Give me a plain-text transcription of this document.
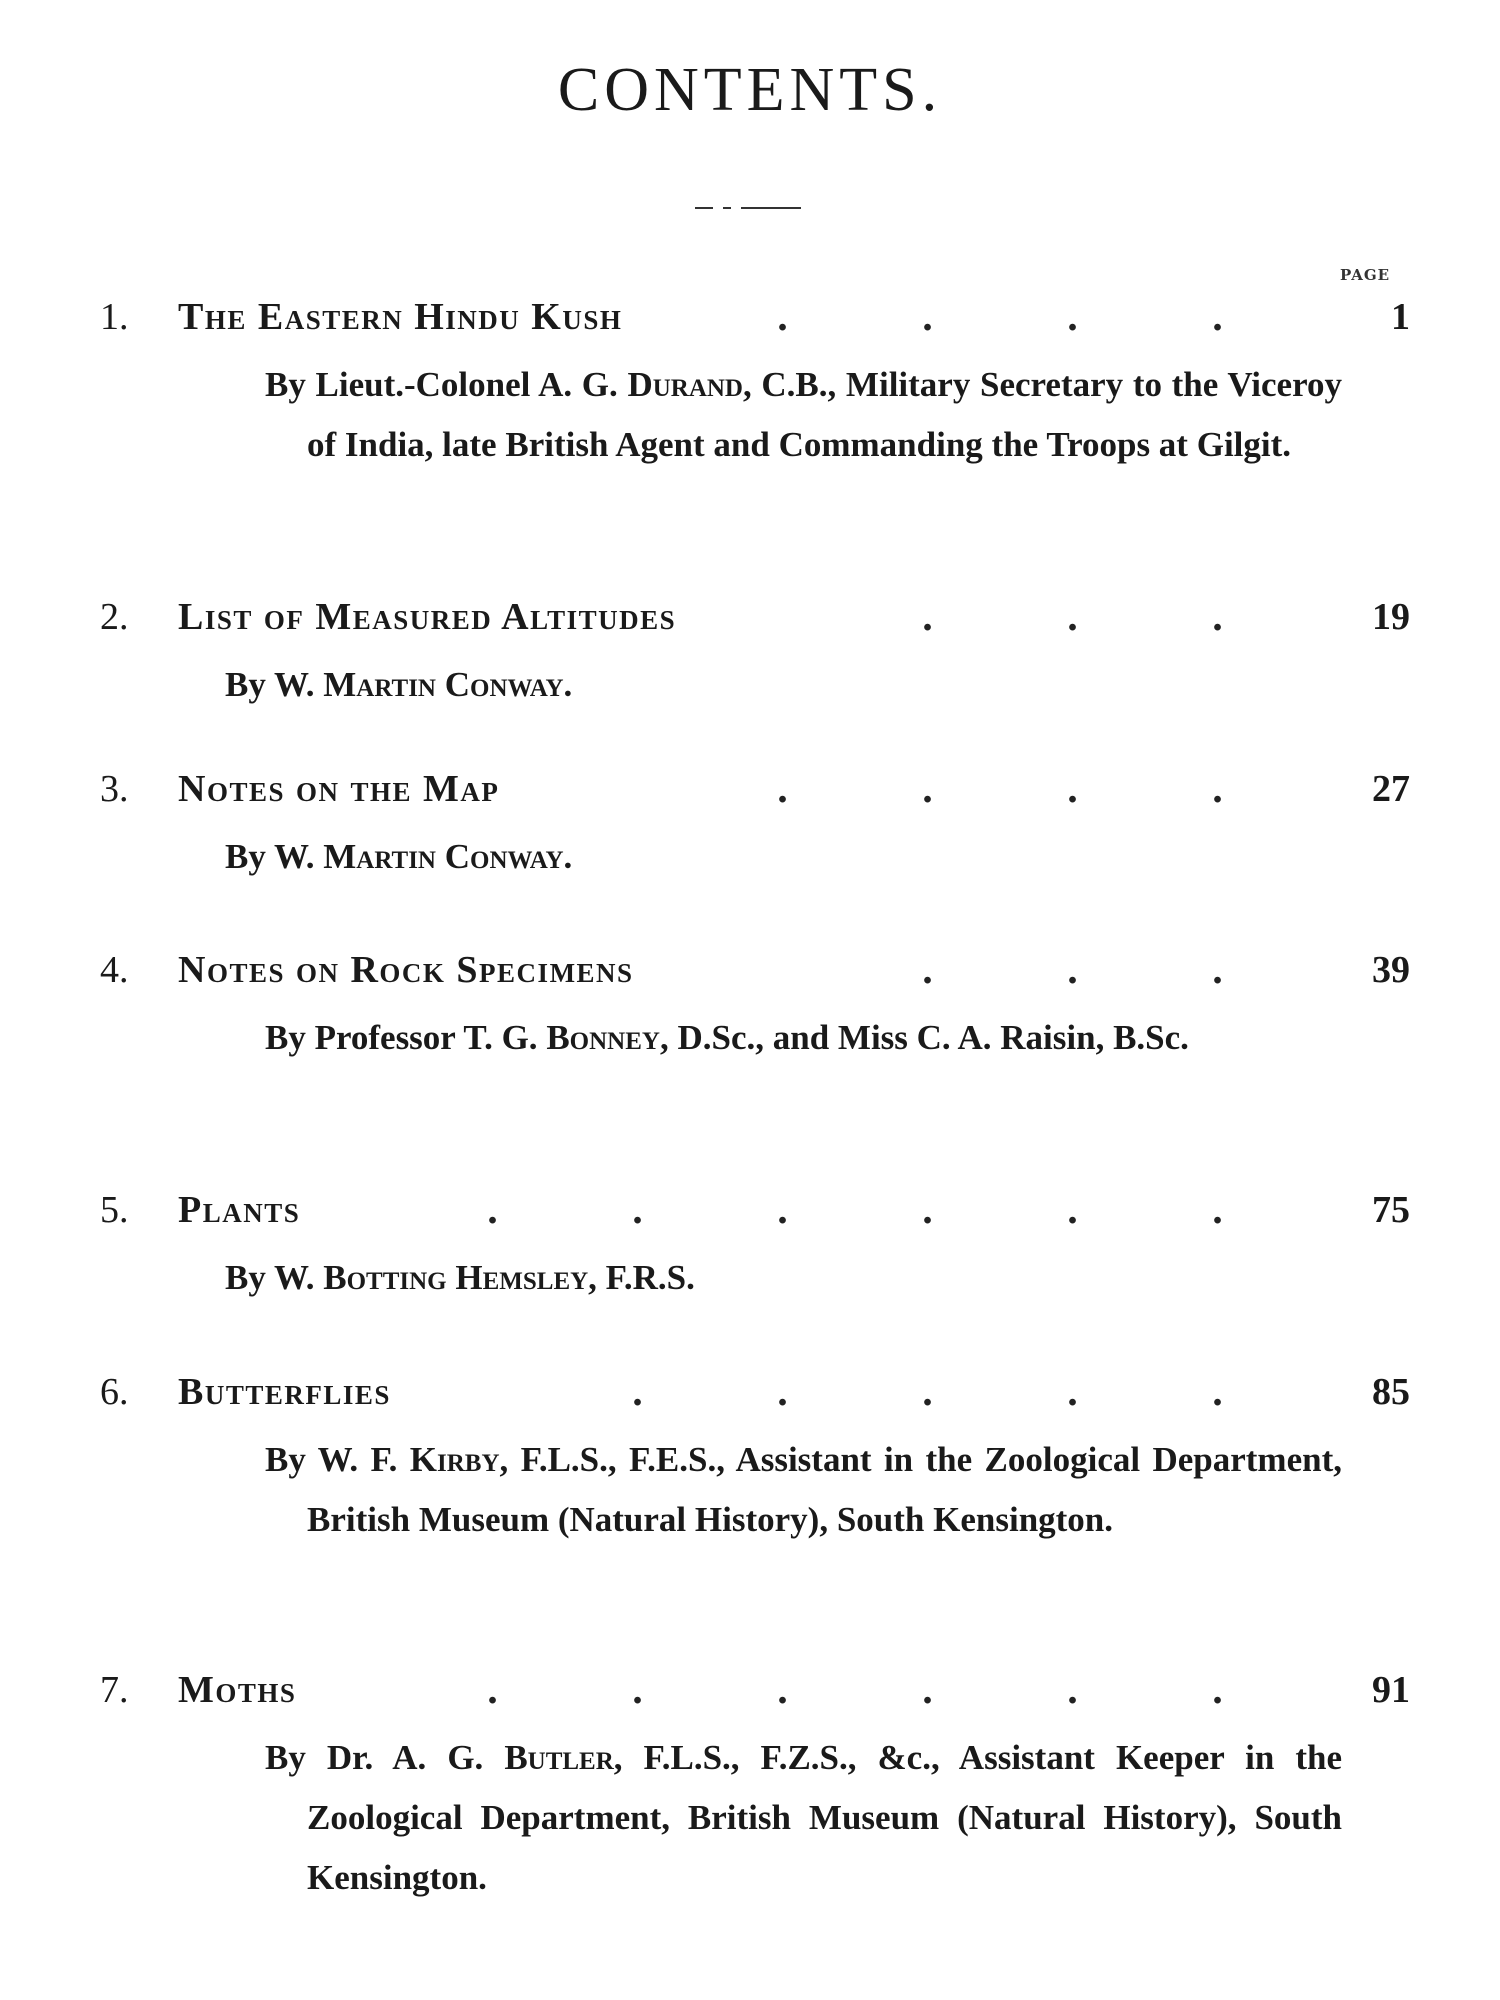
CONTENTS.
PAGE
1. The Eastern Hindu Kush	.	.	.	.	1
By Lieut.-Colonel A. G. Durand, C.B., Military Secretary to the Viceroy of India, late British Agent and Commanding the Troops at Gilgit.
2. List of Measured Altitudes	.	.	.	19
By W. Martin Conway.
3. Notes on the Map	.	.	.	.	27
By W. Martin Conway.
4. Notes on Rock Specimens	.	.	.	39
By Professor T. G. Bonney, D.Sc., and Miss C. A. Raisin, B.Sc.
5. Plants	.	.	.	.	.	.	75
By W. Botting Hemsley, F.R.S.
6. Butterflies	.	.	.	.	.	85
By W. F. Kirby, F.L.S., F.E.S., Assistant in the Zoological Department, British Museum (Natural History), South Kensington.
7. Moths	.	.	.	.	.	.	91
By Dr. A. G. Butler, F.L.S., F.Z.S., &c., Assistant Keeper in the Zoological Department, British Museum (Natural History), South Kensington.
